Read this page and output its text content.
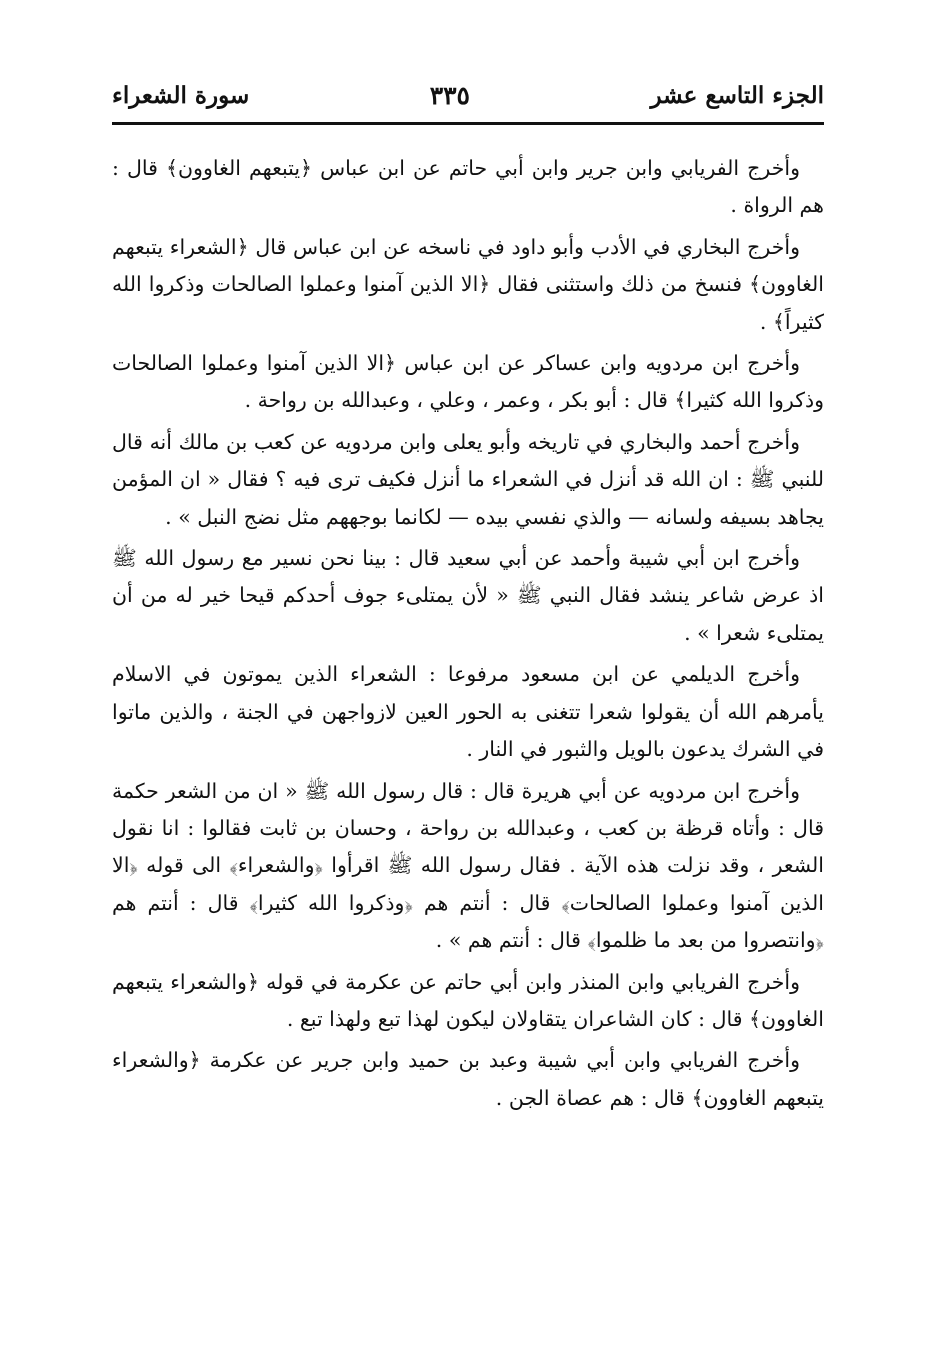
الجزء التاسع عشر
٣٣٥
سورة الشعراء

وأخرج الفريابي وابن جرير وابن أبي حاتم عن ابن عباس ﴿يتبعهم الغاوون﴾ قال : هم الرواة .

وأخرج البخاري في الأدب وأبو داود في ناسخه عن ابن عباس قال ﴿الشعراء يتبعهم الغاوون﴾ فنسخ من ذلك واستثنى فقال ﴿الا الذين آمنوا وعملوا الصالحات وذكروا الله كثيراً﴾ .

وأخرج ابن مردويه وابن عساكر عن ابن عباس ﴿الا الذين آمنوا وعملوا الصالحات وذكروا الله كثيرا﴾ قال : أبو بكر ، وعمر ، وعلي ، وعبدالله بن رواحة .

وأخرج أحمد والبخاري في تاريخه وأبو يعلى وابن مردويه عن كعب بن مالك أنه قال للنبي ﷺ : ان الله قد أنزل في الشعراء ما أنزل فكيف ترى فيه ؟ فقال « ان المؤمن يجاهد بسيفه ولسانه — والذي نفسي بيده — لكانما بوجههم مثل نضج النبل » .

وأخرج ابن أبي شيبة وأحمد عن أبي سعيد قال : بينا نحن نسير مع رسول الله ﷺ اذ عرض شاعر ينشد فقال النبي ﷺ « لأن يمتلىء جوف أحدكم قيحا خير له من أن يمتلىء شعرا » .

وأخرج الديلمي عن ابن مسعود مرفوعا : الشعراء الذين يموتون في الاسلام يأمرهم الله أن يقولوا شعرا تتغنى به الحور العين لازواجهن في الجنة ، والذين ماتوا في الشرك يدعون بالويل والثبور في النار .

وأخرج ابن مردويه عن أبي هريرة قال : قال رسول الله ﷺ « ان من الشعر حكمة قال : وأتاه قرظة بن كعب ، وعبدالله بن رواحة ، وحسان بن ثابت فقالوا : انا نقول الشعر ، وقد نزلت هذه الآية . فقال رسول الله ﷺ اقرأوا ﴿والشعراء﴾ الى قوله ﴿الا الذين آمنوا وعملوا الصالحات﴾ قال : أنتم هم ﴿وذكروا الله كثيرا﴾ قال : أنتم هم ﴿وانتصروا من بعد ما ظلموا﴾ قال : أنتم هم » .

وأخرج الفريابي وابن المنذر وابن أبي حاتم عن عكرمة في قوله ﴿والشعراء يتبعهم الغاوون﴾ قال : كان الشاعران يتقاولان ليكون لهذا تبع ولهذا تبع .

وأخرج الفريابي وابن أبي شيبة وعبد بن حميد وابن جرير عن عكرمة ﴿والشعراء يتبعهم الغاوون﴾ قال : هم عصاة الجن .
